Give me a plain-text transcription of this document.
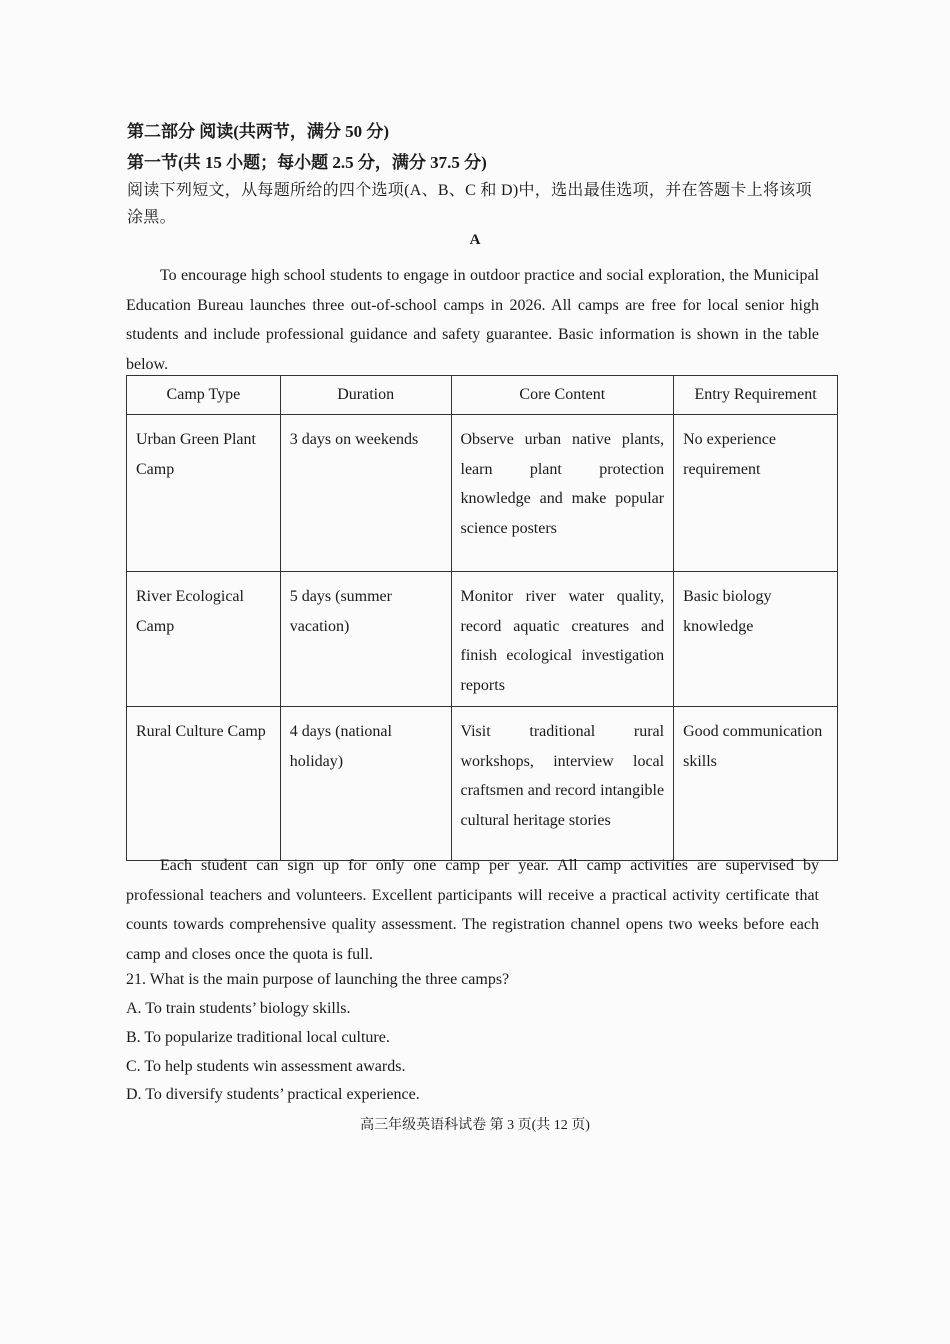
第二部分 阅读(共两节，满分 50 分)
第一节(共 15 小题；每小题 2.5 分，满分 37.5 分)
阅读下列短文，从每题所给的四个选项(A、B、C 和 D)中，选出最佳选项，并在答题卡上将该项涂黑。
A
To encourage high school students to engage in outdoor practice and social exploration, the Municipal Education Bureau launches three out-of-school camps in 2026. All camps are free for local senior high students and include professional guidance and safety guarantee. Basic information is shown in the table below.
Camp Type	Duration	Core Content	Entry Requirement
Urban Green Plant Camp	3 days on weekends	Observe urban native plants, learn plant protection knowledge and make popular science posters	No experience requirement
River Ecological Camp	5 days (summer vacation)	Monitor river water quality, record aquatic creatures and finish ecological investigation reports	Basic biology knowledge
Rural Culture Camp	4 days (national holiday)	Visit traditional rural workshops, interview local craftsmen and record intangible cultural heritage stories	Good communication skills
Each student can sign up for only one camp per year. All camp activities are supervised by professional teachers and volunteers. Excellent participants will receive a practical activity certificate that counts towards comprehensive quality assessment. The registration channel opens two weeks before each camp and closes once the quota is full.
21. What is the main purpose of launching the three camps?
A. To train students’ biology skills.
B. To popularize traditional local culture.
C. To help students win assessment awards.
D. To diversify students’ practical experience.
高三年级英语科试卷 第 3 页(共 12 页)
